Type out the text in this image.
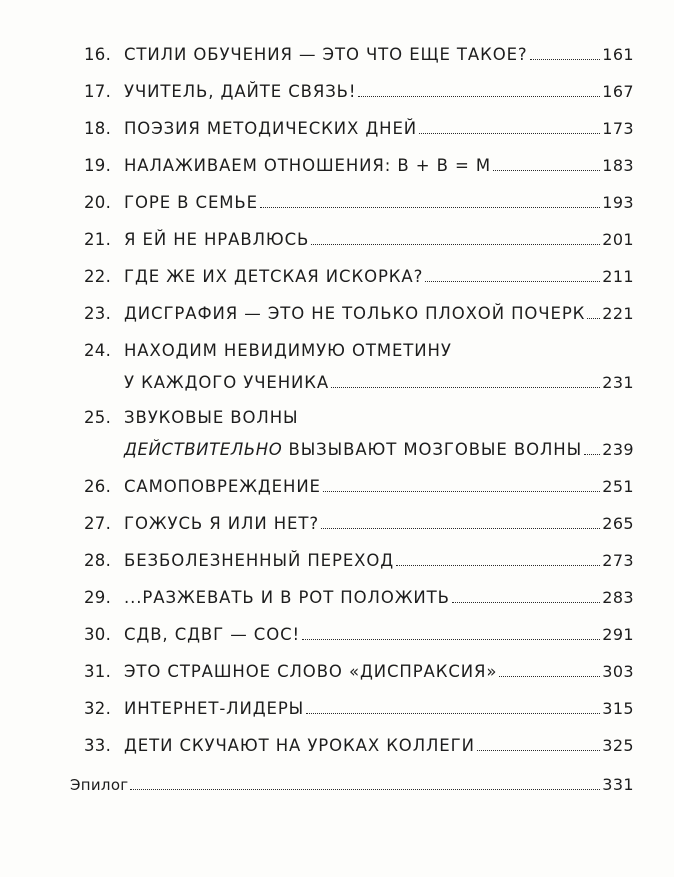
16. СТИЛИ ОБУЧЕНИЯ — ЭТО ЧТО ЕЩЕ ТАКОЕ?	161
17. УЧИТЕЛЬ, ДАЙТЕ СВЯЗЬ!	167
18. ПОЭЗИЯ МЕТОДИЧЕСКИХ ДНЕЙ	173
19. НАЛАЖИВАЕМ ОТНОШЕНИЯ: В + В = М	183
20. ГОРЕ В СЕМЬЕ	193
21. Я ЕЙ НЕ НРАВЛЮСЬ	201
22. ГДЕ ЖЕ ИХ ДЕТСКАЯ ИСКОРКА?	211
23. ДИСГРАФИЯ — ЭТО НЕ ТОЛЬКО ПЛОХОЙ ПОЧЕРК 221
24. НАХОДИМ НЕВИДИМУЮ ОТМЕТИНУ
У КАЖДОГО УЧЕНИКА	231
25. ЗВУКОВЫЕ ВОЛНЫ
ДЕЙСТВИТЕЛЬНО ВЫЗЫВАЮТ МОЗГОВЫЕ ВОЛНЫ 239
26. САМОПОВРЕЖДЕНИЕ	251
27. ГОЖУСЬ Я ИЛИ НЕТ?	265
28. БЕЗБОЛЕЗНЕННЫЙ ПЕРЕХОД	273
29. ...РАЗЖЕВАТЬ И В РОТ ПОЛОЖИТЬ	283
30. СДВ, СДВГ — СОС!	291
31. ЭТО СТРАШНОЕ СЛОВО «ДИСПРАКСИЯ»	303
32. ИНТЕРНЕТ-ЛИДЕРЫ	315
33. ДЕТИ СКУЧАЮТ НА УРОКАХ КОЛЛЕГИ	325
Эпилог	331
